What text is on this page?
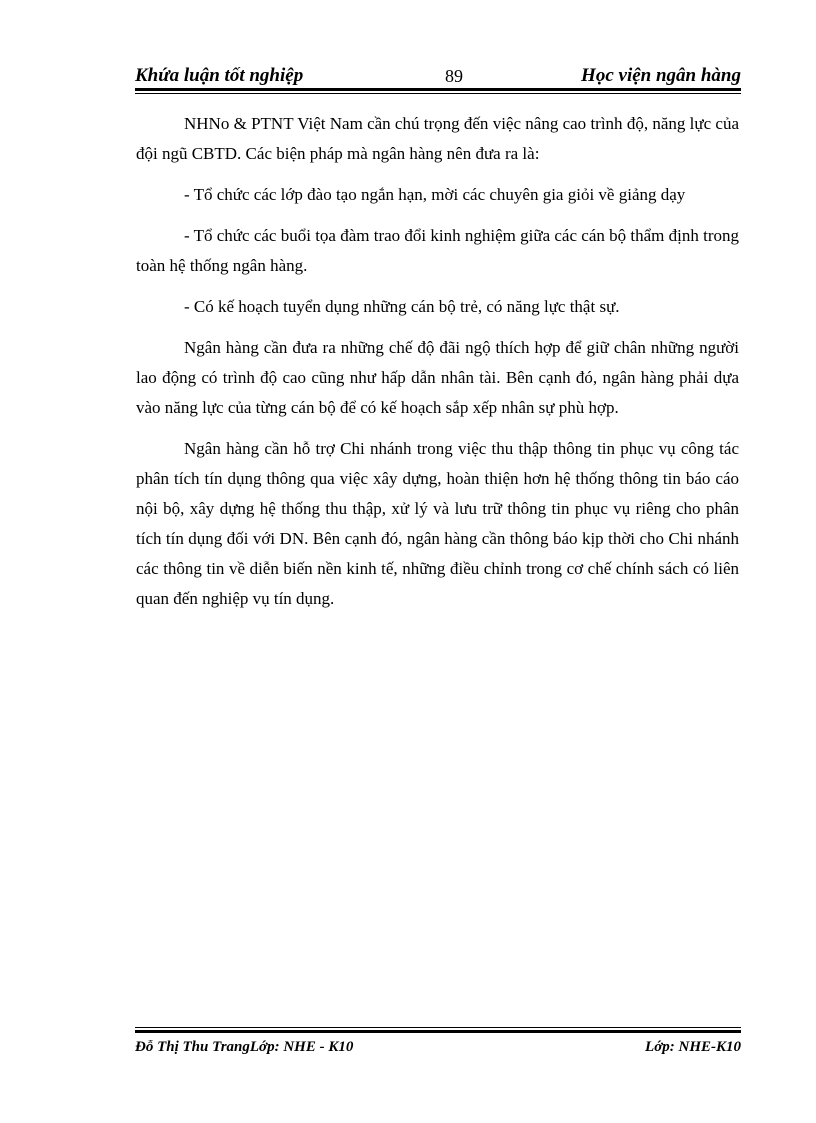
Khứa luận tốt nghiệp	89	Học viện ngân hàng

NHNo & PTNT Việt Nam cần chú trọng đến việc nâng cao trình độ, năng lực của đội ngũ CBTD. Các biện pháp mà ngân hàng nên đưa ra là:

- Tổ chức các lớp đào tạo ngắn hạn, mời các chuyên gia giỏi về giảng dạy

- Tổ chức các buổi tọa đàm trao đổi kinh nghiệm giữa các cán bộ thẩm định trong toàn hệ thống ngân hàng.

- Có kế hoạch tuyển dụng những cán bộ trẻ, có năng lực thật sự.

Ngân hàng cần đưa ra những chế độ đãi ngộ thích hợp để giữ chân những người lao động có trình độ cao cũng như hấp dẫn nhân tài. Bên cạnh đó, ngân hàng phải dựa vào năng lực của từng cán bộ để có kế hoạch sắp xếp nhân sự phù hợp.

Ngân hàng cần hỗ trợ Chi nhánh trong việc thu thập thông tin phục vụ công tác phân tích tín dụng thông qua việc xây dựng, hoàn thiện hơn hệ thống thông tin báo cáo nội bộ, xây dựng hệ thống thu thập, xử lý và lưu trữ thông tin phục vụ riêng cho phân tích tín dụng đối với DN. Bên cạnh đó, ngân hàng cần thông báo kịp thời cho Chi nhánh các thông tin về diễn biến nền kinh tế, những điều chỉnh trong cơ chế chính sách có liên quan đến nghiệp vụ tín dụng.

Đỗ Thị Thu TrangLớp: NHE - K10	Lớp: NHE-K10
